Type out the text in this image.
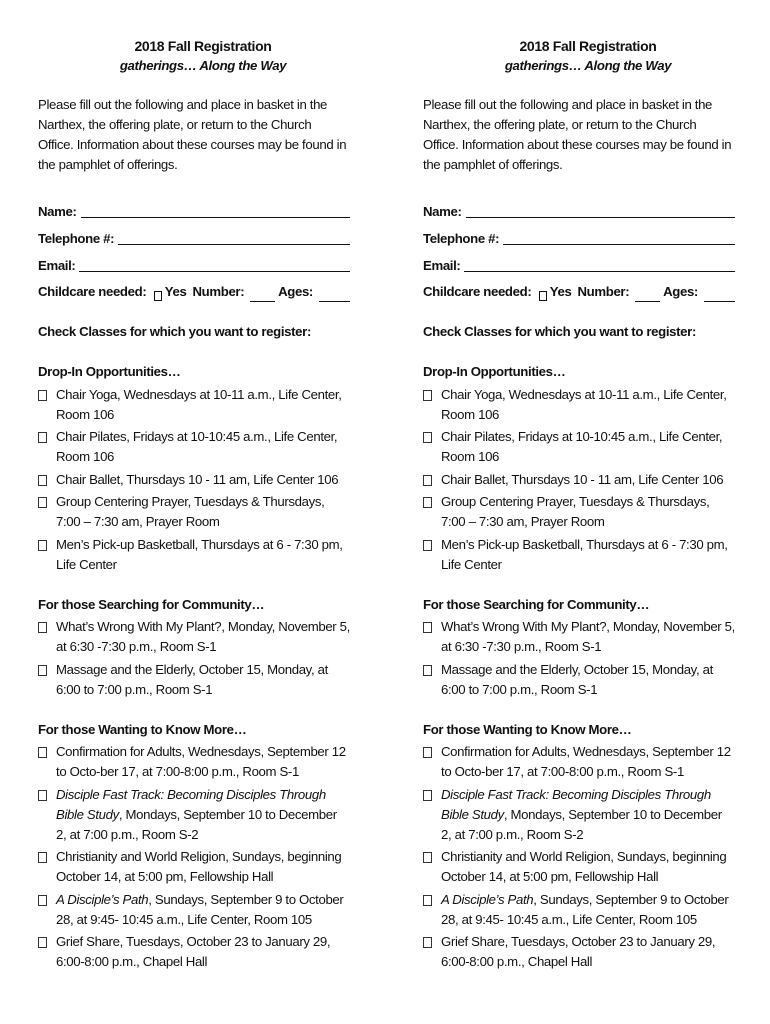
2018 Fall Registration
gatherings… Along the Way
Please fill out the following and place in basket in the Narthex, the offering plate, or return to the Church Office. Information about these courses may be found in the pamphlet of offerings.
Name:
Telephone #:
Email:
Childcare needed: Yes Number:	Ages:
Check Classes for which you want to register:
Drop-In Opportunities…
Chair Yoga, Wednesdays at 10-11 a.m., Life Center, Room 106
Chair Pilates, Fridays at 10-10:45 a.m., Life Center, Room 106
Chair Ballet, Thursdays 10 - 11 am, Life Center 106
Group Centering Prayer, Tuesdays & Thursdays, 7:00 – 7:30 am, Prayer Room
Men’s Pick-up Basketball, Thursdays at 6 - 7:30 pm, Life Center
For those Searching for Community…
What’s Wrong With My Plant?, Monday, November 5, at 6:30 -7:30 p.m., Room S-1
Massage and the Elderly, October 15, Monday, at 6:00 to 7:00 p.m., Room S-1
For those Wanting to Know More…
Confirmation for Adults, Wednesdays, September 12 to Octo-ber 17, at 7:00-8:00 p.m., Room S-1
Disciple Fast Track: Becoming Disciples Through Bible Study, Mondays, September 10 to December 2, at 7:00 p.m., Room S-2
Christianity and World Religion, Sundays, beginning October 14, at 5:00 pm, Fellowship Hall
A Disciple’s Path, Sundays, September 9 to October 28, at 9:45- 10:45 a.m., Life Center, Room 105
Grief Share, Tuesdays, October 23 to January 29, 6:00-8:00 p.m., Chapel Hall
2018 Fall Registration
gatherings… Along the Way
Please fill out the following and place in basket in the Narthex, the offering plate, or return to the Church Office. Information about these courses may be found in the pamphlet of offerings.
Name:
Telephone #:
Email:
Childcare needed: Yes Number:	Ages:
Check Classes for which you want to register:
Drop-In Opportunities…
Chair Yoga, Wednesdays at 10-11 a.m., Life Center, Room 106
Chair Pilates, Fridays at 10-10:45 a.m., Life Center, Room 106
Chair Ballet, Thursdays 10 - 11 am, Life Center 106
Group Centering Prayer, Tuesdays & Thursdays, 7:00 – 7:30 am, Prayer Room
Men’s Pick-up Basketball, Thursdays at 6 - 7:30 pm, Life Center
For those Searching for Community…
What’s Wrong With My Plant?, Monday, November 5, at 6:30 -7:30 p.m., Room S-1
Massage and the Elderly, October 15, Monday, at 6:00 to 7:00 p.m., Room S-1
For those Wanting to Know More…
Confirmation for Adults, Wednesdays, September 12 to Octo-ber 17, at 7:00-8:00 p.m., Room S-1
Disciple Fast Track: Becoming Disciples Through Bible Study, Mondays, September 10 to December 2, at 7:00 p.m., Room S-2
Christianity and World Religion, Sundays, beginning October 14, at 5:00 pm, Fellowship Hall
A Disciple’s Path, Sundays, September 9 to October 28, at 9:45- 10:45 a.m., Life Center, Room 105
Grief Share, Tuesdays, October 23 to January 29, 6:00-8:00 p.m., Chapel Hall
